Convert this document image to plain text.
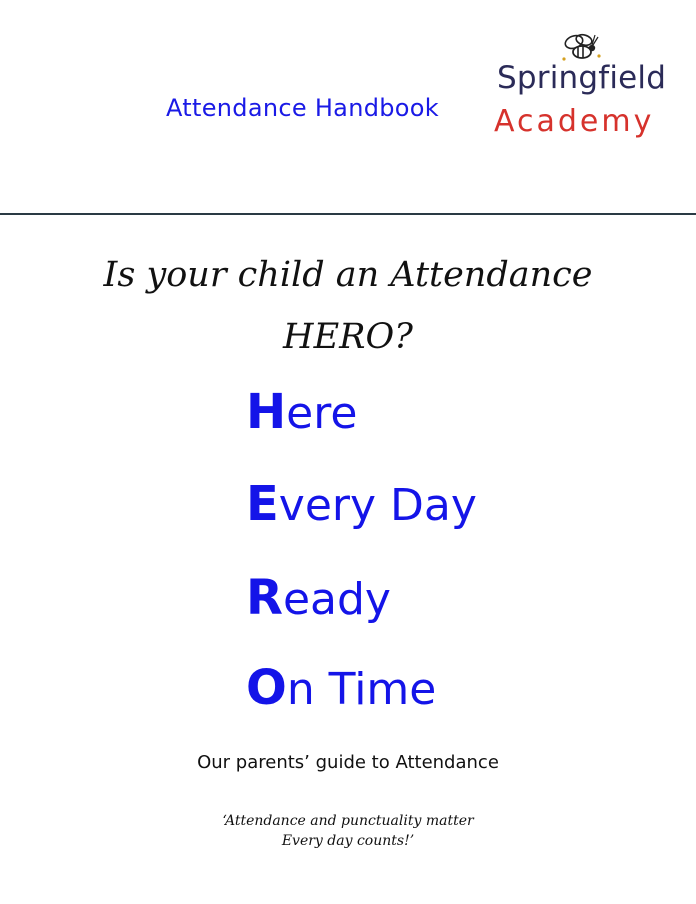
Attendance Handbook
Springfield
Academy
Is your child an Attendance
HERO?
Here
Every Day
Ready
On Time
Our parents’ guide to Attendance
‘Attendance and punctuality matter
Every day counts!’
